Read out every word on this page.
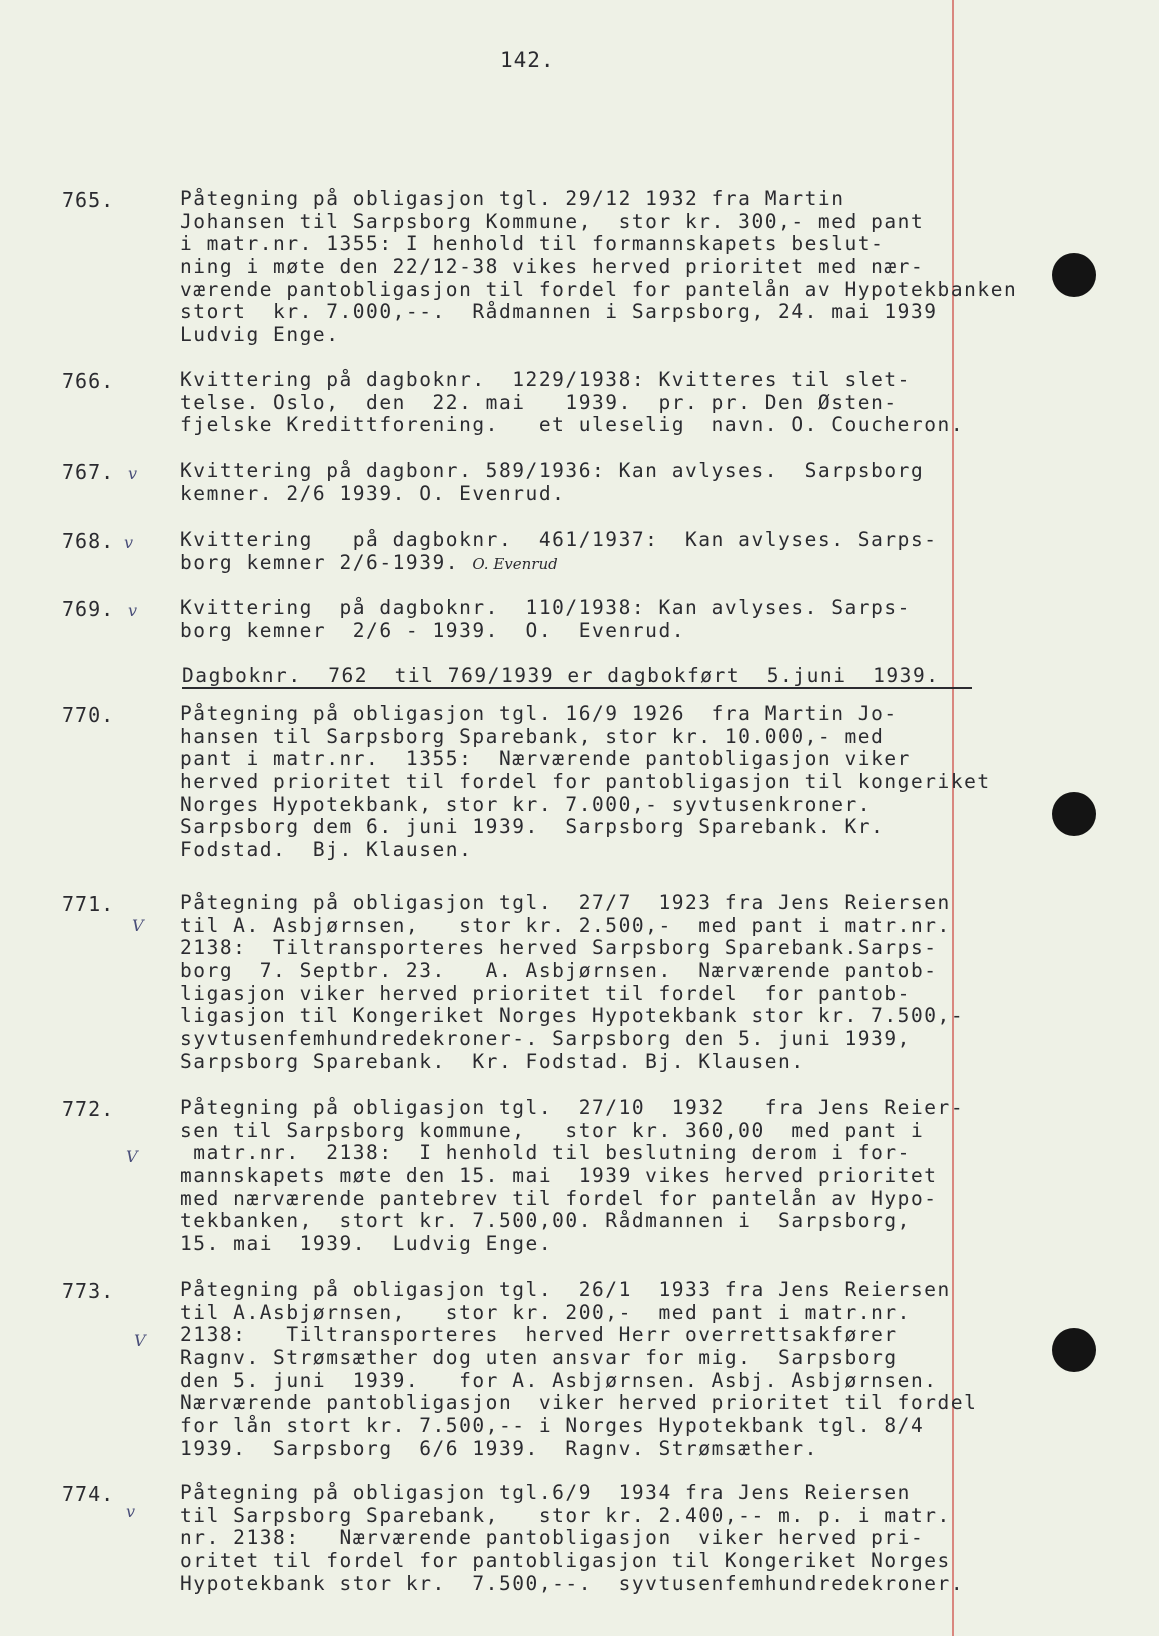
142.
765.	Påtegning på obligasjon tgl. 29/12 1932 fra Martin
Johansen til Sarpsborg Kommune,  stor kr. 300,- med pant
i matr.nr. 1355: I henhold til formannskapets beslut-
ning i møte den 22/12-38 vikes herved prioritet med nær-
værende pantobligasjon til fordel for pantelån av Hypotekbanken
stort  kr. 7.000,--.  Rådmannen i Sarpsborg, 24. mai 1939
Ludvig Enge.
766.	Kvittering på dagboknr.  1229/1938: Kvitteres til slet-
telse. Oslo,  den  22. mai   1939.  pr. pr. Den Østen-
fjelske Kredittforening.   et uleselig  navn. O. Coucheron.
767. v Kvittering på dagbonr. 589/1936: Kan avlyses.  Sarpsborg
kemner. 2/6 1939. O. Evenrud.
768. v Kvittering   på dagboknr.  461/1937:  Kan avlyses. Sarps-
borg kemner 2/6-1939. O. Evenrud
769. v Kvittering  på dagboknr.  110/1938: Kan avlyses. Sarps-
borg kemner  2/6 - 1939.  O.  Evenrud.
Dagboknr.  762  til 769/1939 er dagbokført  5.juni  1939.
770.	Påtegning på obligasjon tgl. 16/9 1926  fra Martin Jo-
hansen til Sarpsborg Sparebank, stor kr. 10.000,- med
pant i matr.nr.  1355:  Nærværende pantobligasjon viker
herved prioritet til fordel for pantobligasjon til kongeriket
Norges Hypotekbank, stor kr. 7.000,- syvtusenkroner.
Sarpsborg dem 6. juni 1939.  Sarpsborg Sparebank. Kr.
Fodstad.  Bj. Klausen.
771.
V
Påtegning på obligasjon tgl.  27/7  1923 fra Jens Reiersen
til A. Asbjørnsen,   stor kr. 2.500,-  med pant i matr.nr.
2138:  Tiltransporteres herved Sarpsborg Sparebank.Sarps-
borg  7. Septbr. 23.   A. Asbjørnsen.  Nærværende pantob-
ligasjon viker herved prioritet til fordel  for pantob-
ligasjon til Kongeriket Norges Hypotekbank stor kr. 7.500,-
syvtusenfemhundredekroner-. Sarpsborg den 5. juni 1939,
Sarpsborg Sparebank.  Kr. Fodstad. Bj. Klausen.
772.
V
Påtegning på obligasjon tgl.  27/10  1932   fra Jens Reier-
sen til Sarpsborg kommune,   stor kr. 360,00  med pant i
matr.nr.  2138:  I henhold til beslutning derom i for-
mannskapets møte den 15. mai  1939 vikes herved prioritet
med nærværende pantebrev til fordel for pantelån av Hypo-
tekbanken,  stort kr. 7.500,00. Rådmannen i  Sarpsborg,
15. mai  1939.  Ludvig Enge.
773.
V
Påtegning på obligasjon tgl.  26/1  1933 fra Jens Reiersen
til A.Asbjørnsen,   stor kr. 200,-  med pant i matr.nr.
2138:   Tiltransporteres  herved Herr overrettsakfører
Ragnv. Strømsæther dog uten ansvar for mig.  Sarpsborg
den 5. juni  1939.   for A. Asbjørnsen. Asbj. Asbjørnsen.
Nærværende pantobligasjon  viker herved prioritet til fordel
for lån stort kr. 7.500,-- i Norges Hypotekbank tgl. 8/4
1939.  Sarpsborg  6/6 1939.  Ragnv. Strømsæther.
774.
v
Påtegning på obligasjon tgl.6/9  1934 fra Jens Reiersen
til Sarpsborg Sparebank,   stor kr. 2.400,-- m. p. i matr.
nr. 2138:   Nærværende pantobligasjon  viker herved pri-
oritet til fordel for pantobligasjon til Kongeriket Norges
Hypotekbank stor kr.  7.500,--.  syvtusenfemhundredekroner.
